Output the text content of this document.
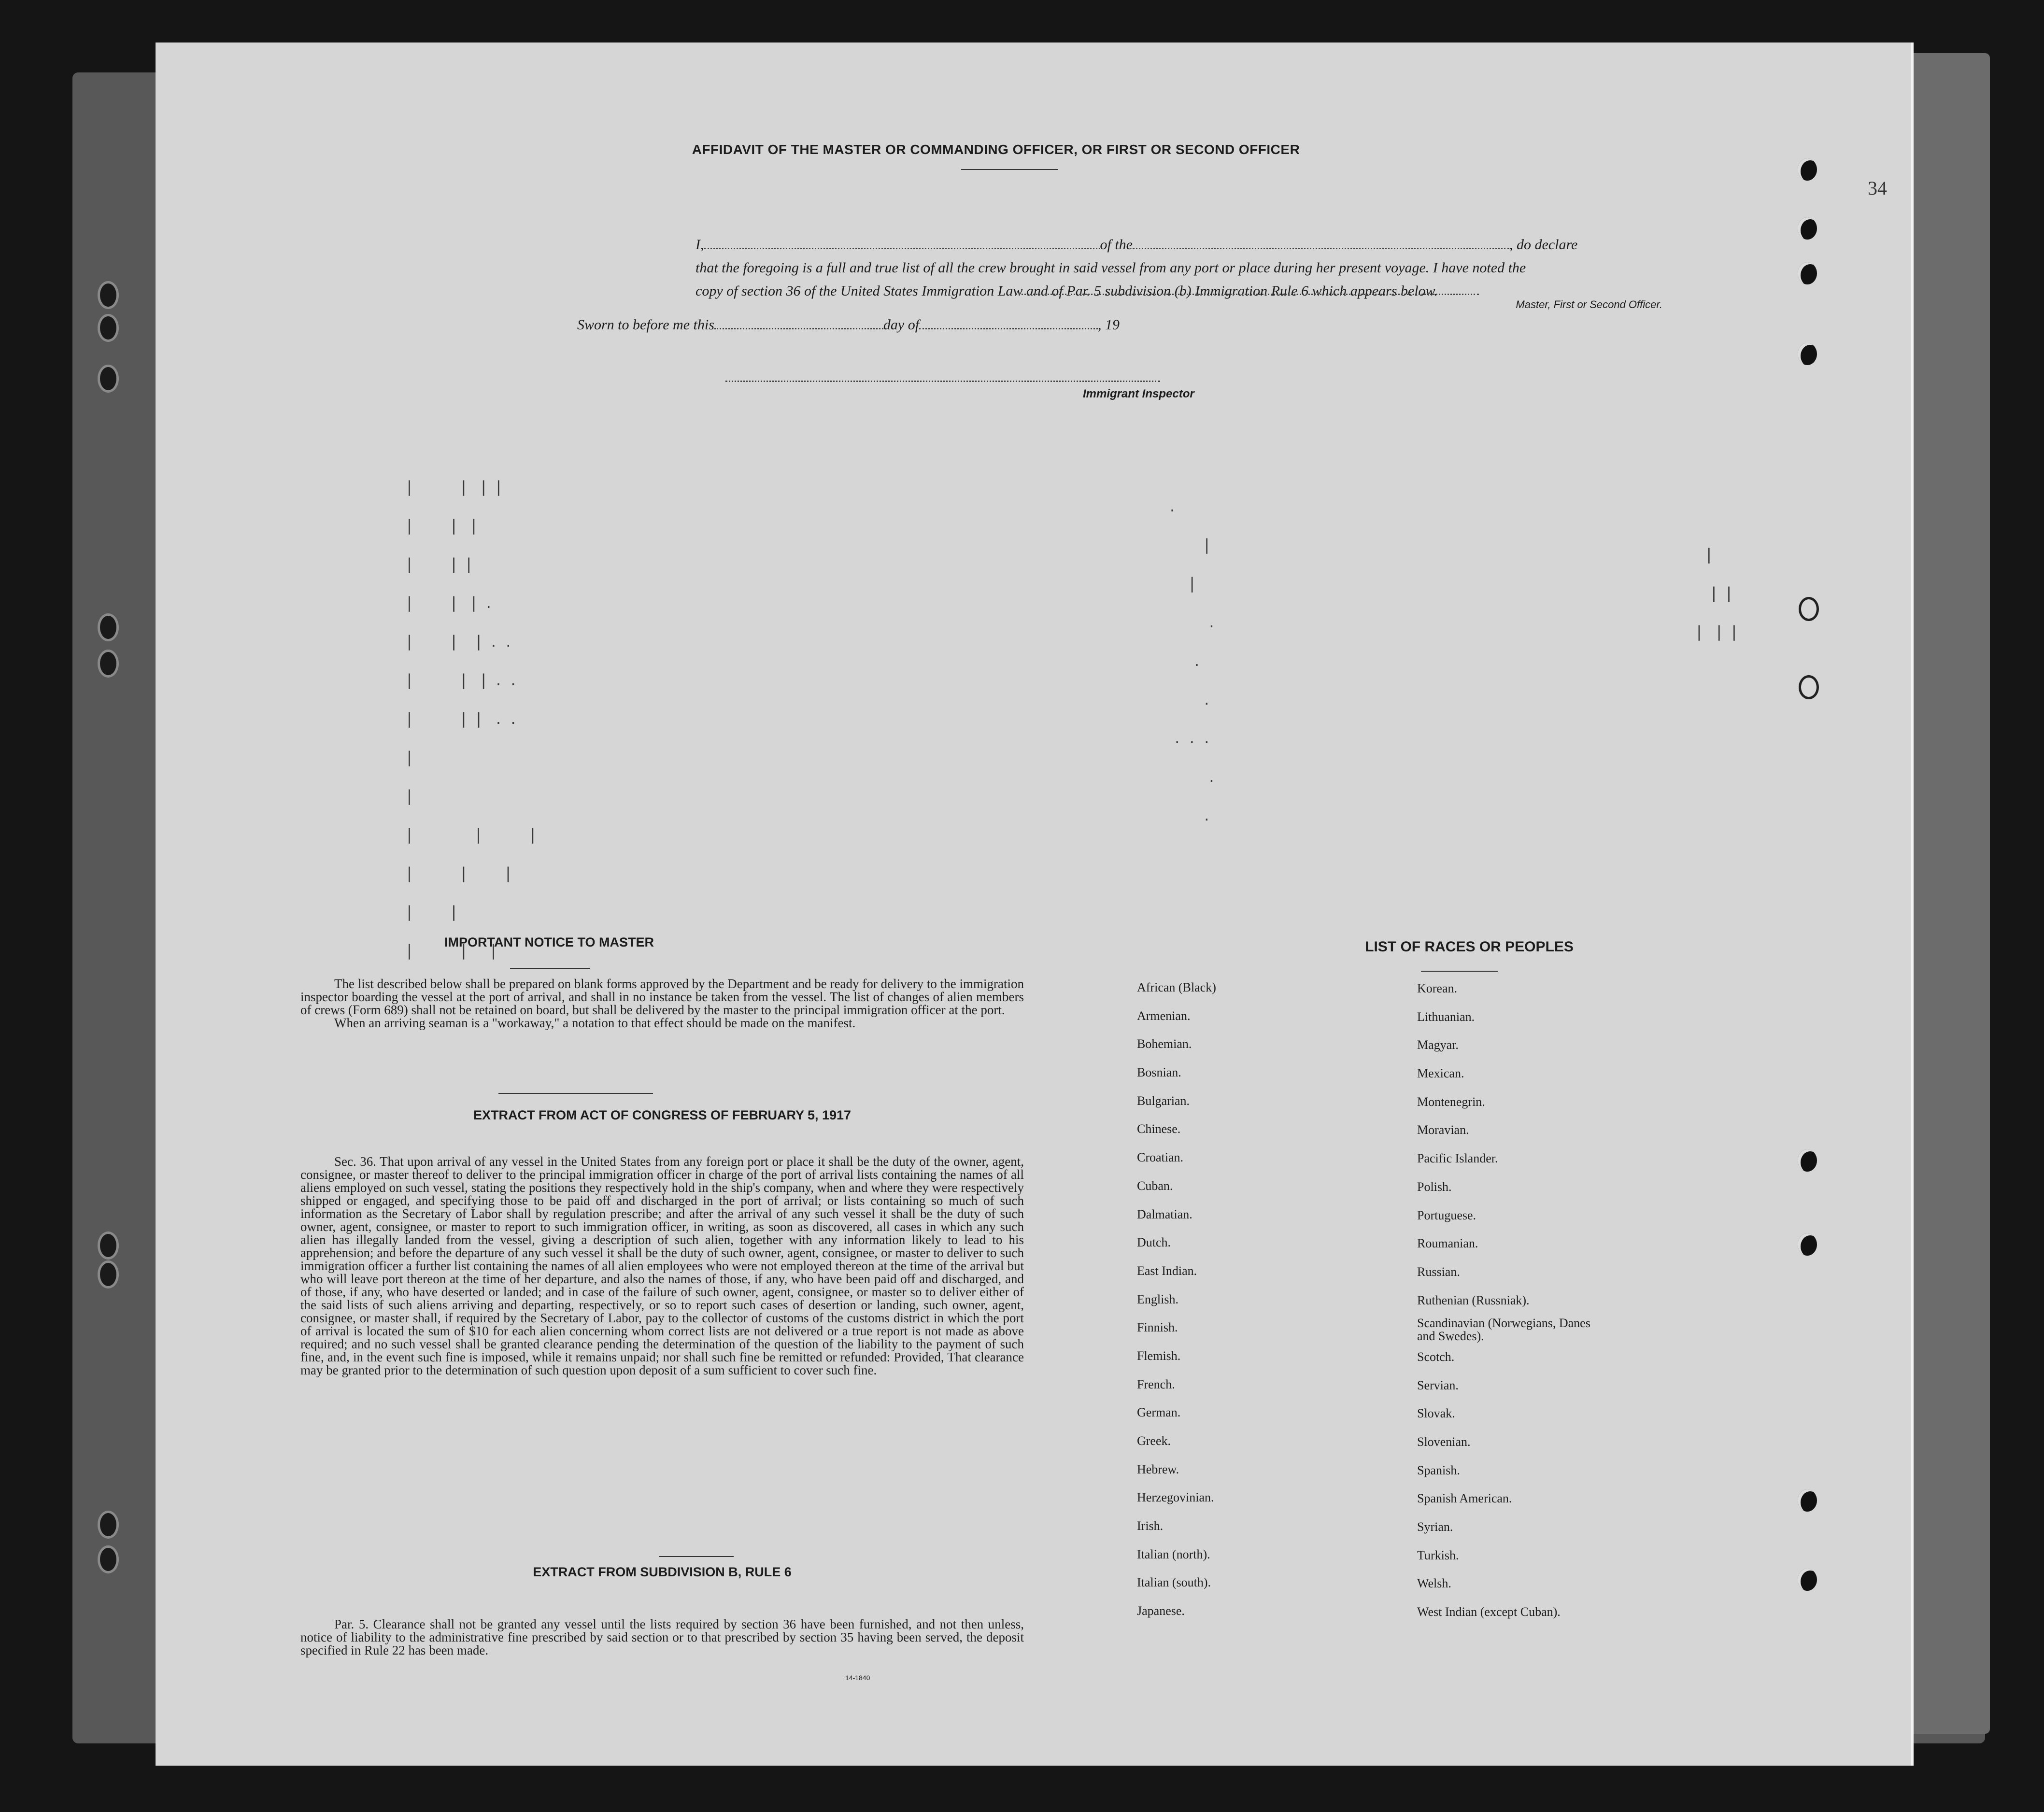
34
AFFIDAVIT OF THE MASTER OR COMMANDING OFFICER, OR FIRST OR SECOND OFFICER
I,	of the	, do declare
that the foregoing is a full and true list of all the crew brought in said vessel from any port or place during her present voyage. I have noted the
copy of section 36 of the United States Immigration Law and of Par. 5 subdivision (b) Immigration Rule 6 which appears below.
Master, First or Second Officer.
Sworn to before me this	day of	, 19
Immigrant Inspector
|          |   |  |
|        |   |
|        |  |
|        |   |  .
|        |    |  .  .
|          |   |  .  .
|          |  |   .  .
|
|
|             |          |
|          |        |
|        |
|          |     |
.
|
|
.
.
.
.  .  .
.
.
|
|  |
|   |  |
IMPORTANT NOTICE TO MASTER

The list described below shall be prepared on blank forms approved by the Department and be ready for delivery to the immigration inspector boarding the vessel at the port of arrival, and shall in no instance be taken from the vessel. The list of changes of alien members of crews (Form 689) shall not be retained on board, but shall be delivered by the master to the principal immigration officer at the port.

When an arriving seaman is a "workaway," a notation to that effect should be made on the manifest.

EXTRACT FROM ACT OF CONGRESS OF FEBRUARY 5, 1917

Sec. 36. That upon arrival of any vessel in the United States from any foreign port or place it shall be the duty of the owner, agent, consignee, or master thereof to deliver to the principal immigration officer in charge of the port of arrival lists containing the names of all aliens employed on such vessel, stating the positions they respectively hold in the ship's company, when and where they were respectively shipped or engaged, and specifying those to be paid off and discharged in the port of arrival; or lists containing so much of such information as the Secretary of Labor shall by regulation prescribe; and after the arrival of any such vessel it shall be the duty of such owner, agent, consignee, or master to report to such immigration officer, in writing, as soon as discovered, all cases in which any such alien has illegally landed from the vessel, giving a description of such alien, together with any information likely to lead to his apprehension; and before the departure of any such vessel it shall be the duty of such owner, agent, consignee, or master to deliver to such immigration officer a further list containing the names of all alien employees who were not employed thereon at the time of the arrival but who will leave port thereon at the time of her departure, and also the names of those, if any, who have been paid off and discharged, and of those, if any, who have deserted or landed; and in case of the failure of such owner, agent, consignee, or master so to deliver either of the said lists of such aliens arriving and departing, respectively, or so to report such cases of desertion or landing, such owner, agent, consignee, or master shall, if required by the Secretary of Labor, pay to the collector of customs of the customs district in which the port of arrival is located the sum of $10 for each alien concerning whom correct lists are not delivered or a true report is not made as above required; and no such vessel shall be granted clearance pending the determination of the question of the liability to the payment of such fine, and, in the event such fine is imposed, while it remains unpaid; nor shall such fine be remitted or refunded: Provided, That clearance may be granted prior to the determination of such question upon deposit of a sum sufficient to cover such fine.

EXTRACT FROM SUBDIVISION B, RULE 6

Par. 5. Clearance shall not be granted any vessel until the lists required by section 36 have been furnished, and not then unless, notice of liability to the administrative fine prescribed by said section or to that prescribed by section 35 having been served, the deposit specified in Rule 22 has been made.

14-1840
LIST OF RACES OR PEOPLES
African (Black)
Armenian.
Bohemian.
Bosnian.
Bulgarian.
Chinese.
Croatian.
Cuban.
Dalmatian.
Dutch.
East Indian.
English.
Finnish.
Flemish.
French.
German.
Greek.
Hebrew.
Herzegovinian.
Irish.
Italian (north).
Italian (south).
Japanese.
Korean.
Lithuanian.
Magyar.
Mexican.
Montenegrin.
Moravian.
Pacific Islander.
Polish.
Portuguese.
Roumanian.
Russian.
Ruthenian (Russniak).
Scandinavian (Norwegians, Danes and Swedes).
Scotch.
Servian.
Slovak.
Slovenian.
Spanish.
Spanish American.
Syrian.
Turkish.
Welsh.
West Indian (except Cuban).
